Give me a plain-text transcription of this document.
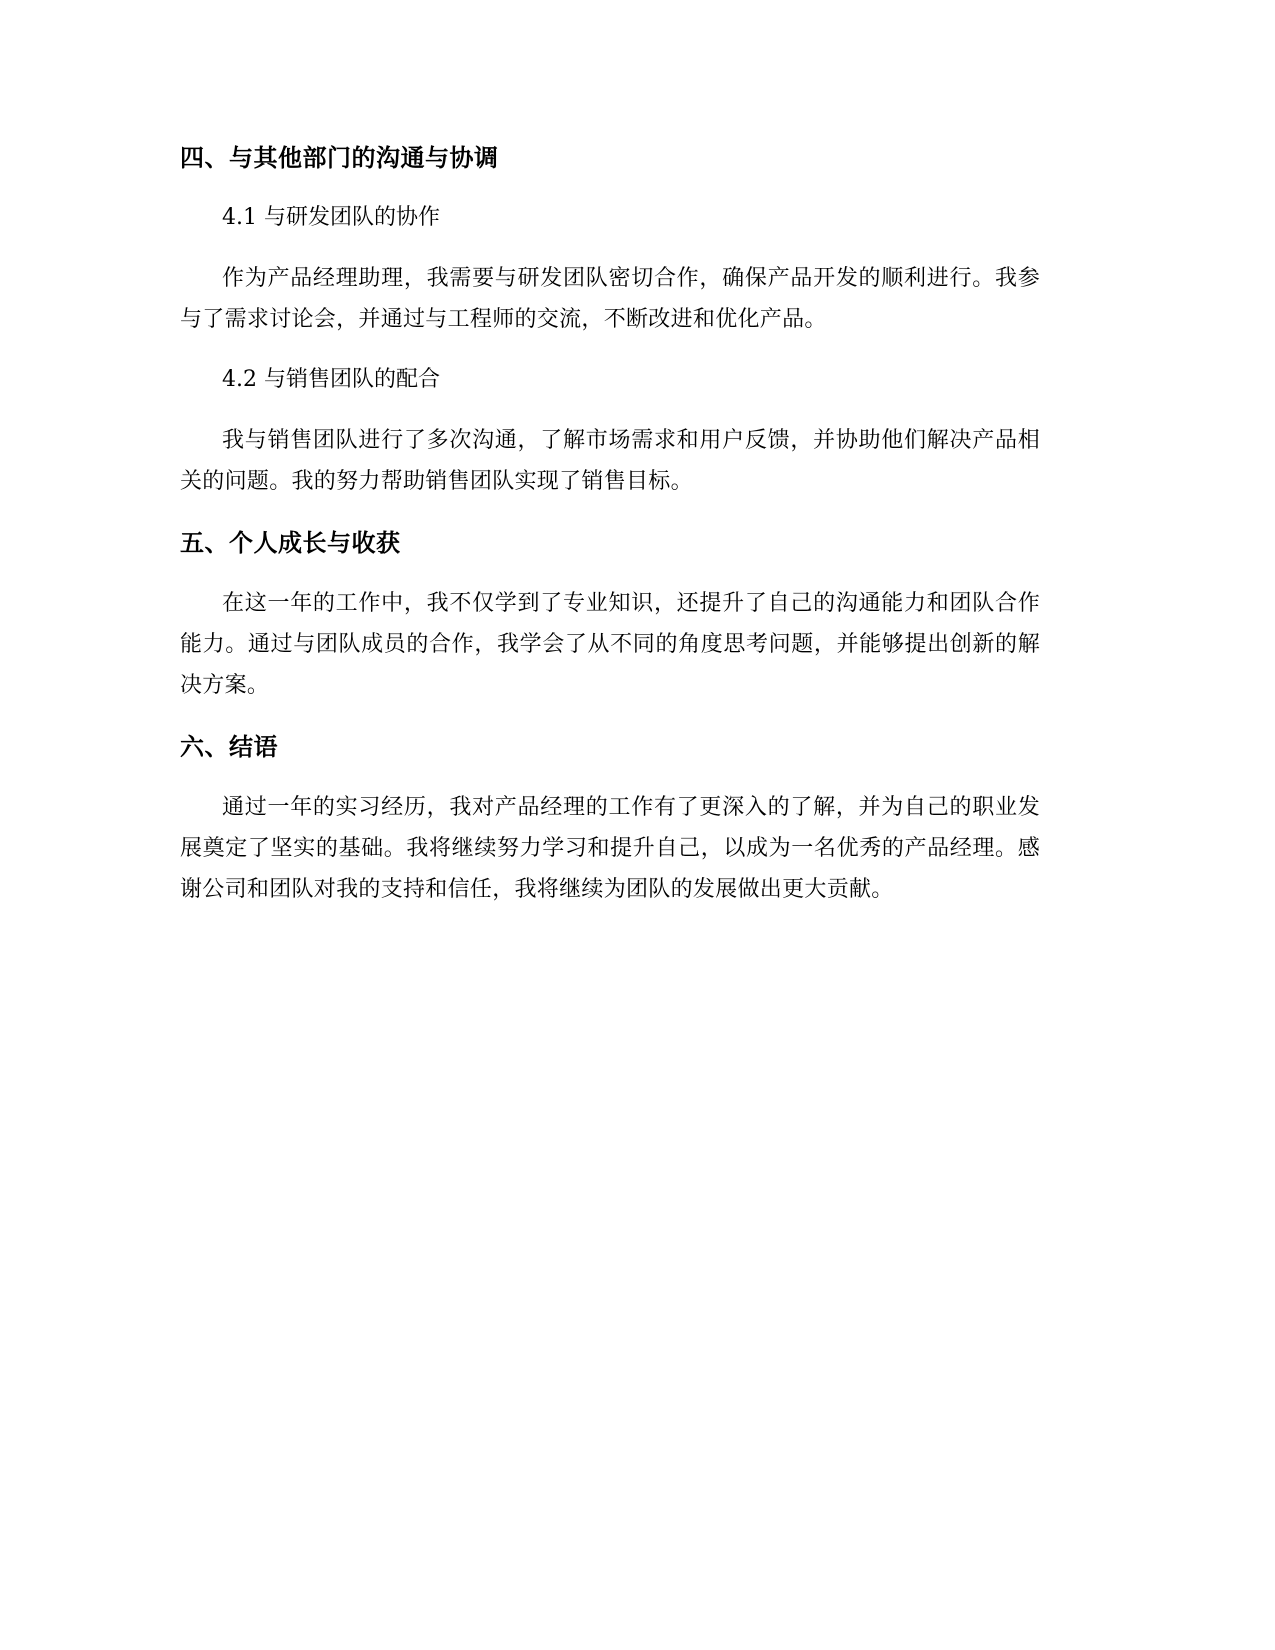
四、与其他部门的沟通与协调

4.1 与研发团队的协作

作为产品经理助理，我需要与研发团队密切合作，确保产品开发的顺利进行。我参与了需求讨论会，并通过与工程师的交流，不断改进和优化产品。

4.2 与销售团队的配合

我与销售团队进行了多次沟通，了解市场需求和用户反馈，并协助他们解决产品相关的问题。我的努力帮助销售团队实现了销售目标。

五、个人成长与收获

在这一年的工作中，我不仅学到了专业知识，还提升了自己的沟通能力和团队合作能力。通过与团队成员的合作，我学会了从不同的角度思考问题，并能够提出创新的解决方案。

六、结语

通过一年的实习经历，我对产品经理的工作有了更深入的了解，并为自己的职业发展奠定了坚实的基础。我将继续努力学习和提升自己，以成为一名优秀的产品经理。感谢公司和团队对我的支持和信任，我将继续为团队的发展做出更大贡献。
